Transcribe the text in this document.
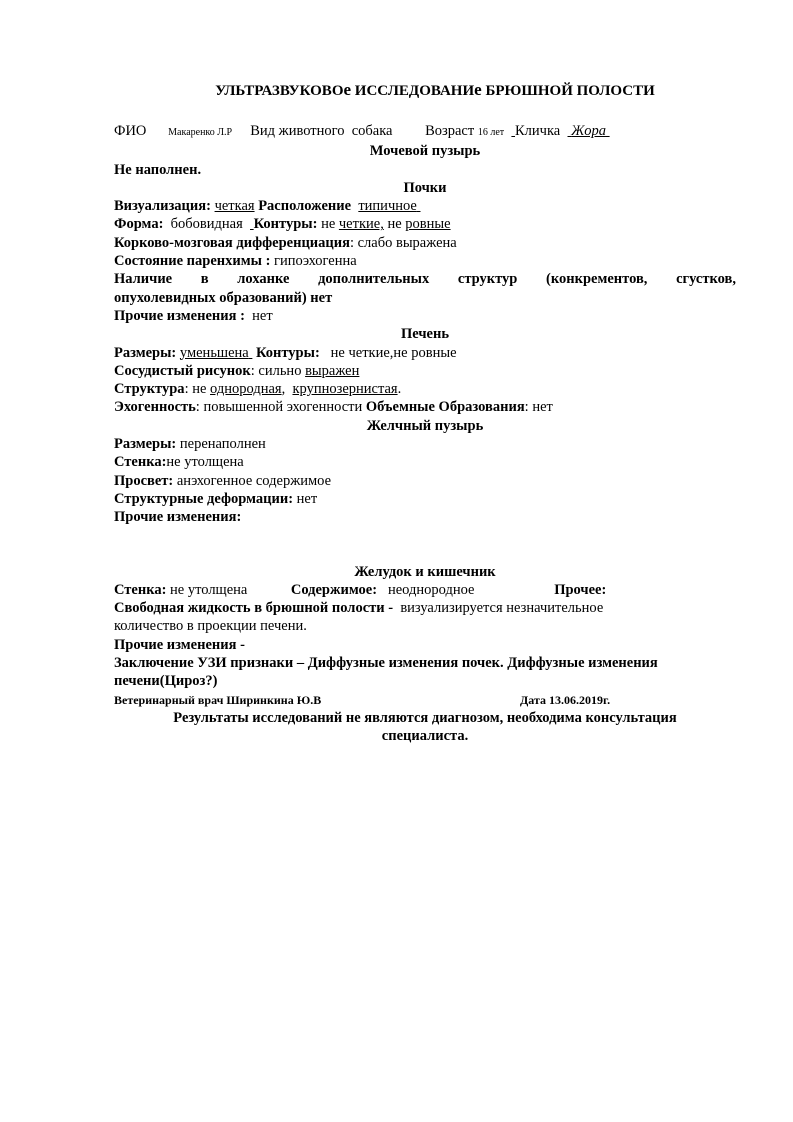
УЛЬТРАЗВУКОВОе ИССЛЕДОВАНИе БРЮШНОЙ ПОЛОСТИ
ФИО Макаренко Л.Р Вид животного собака Возраст 16 лет Кличка Жора
Мочевой пузырь
Не наполнен.
Почки
Визуализация: четкая Расположение типичное
Форма: бобовидная Контуры: не четкие, не ровные
Корково-мозговая дифференциация: слабо выражена
Состояние паренхимы : гипоэхогенна
Наличие в лоханке дополнительных структур (конкрементов, сгустков,
опухолевидных образований) нет
Прочие изменения : нет
Печень
Размеры: уменьшена Контуры: не четкие,не ровные
Сосудистый рисунок: сильно выражен
Структура: не однородная, крупнозернистая.
Эхогенность: повышенной эхогенности Объемные Образования: нет
Желчный пузырь
Размеры: перенаполнен
Стенка:не утолщена
Просвет: анэхогенное содержимое
Структурные деформации: нет
Прочие изменения:
Желудок и кишечник
Стенка: не утолщена	Содержимое: неоднородное	Прочее:
Свободная жидкость в брюшной полости - визуализируется незначительное
количество в проекции печени.
Прочие изменения -
Заключение УЗИ признаки – Диффузные изменения почек. Диффузные изменения
печени(Цироз?)
Ветеринарный врач Ширинкина Ю.В	Дата 13.06.2019г.
Результаты исследований не являются диагнозом, необходима консультация специалиста.
